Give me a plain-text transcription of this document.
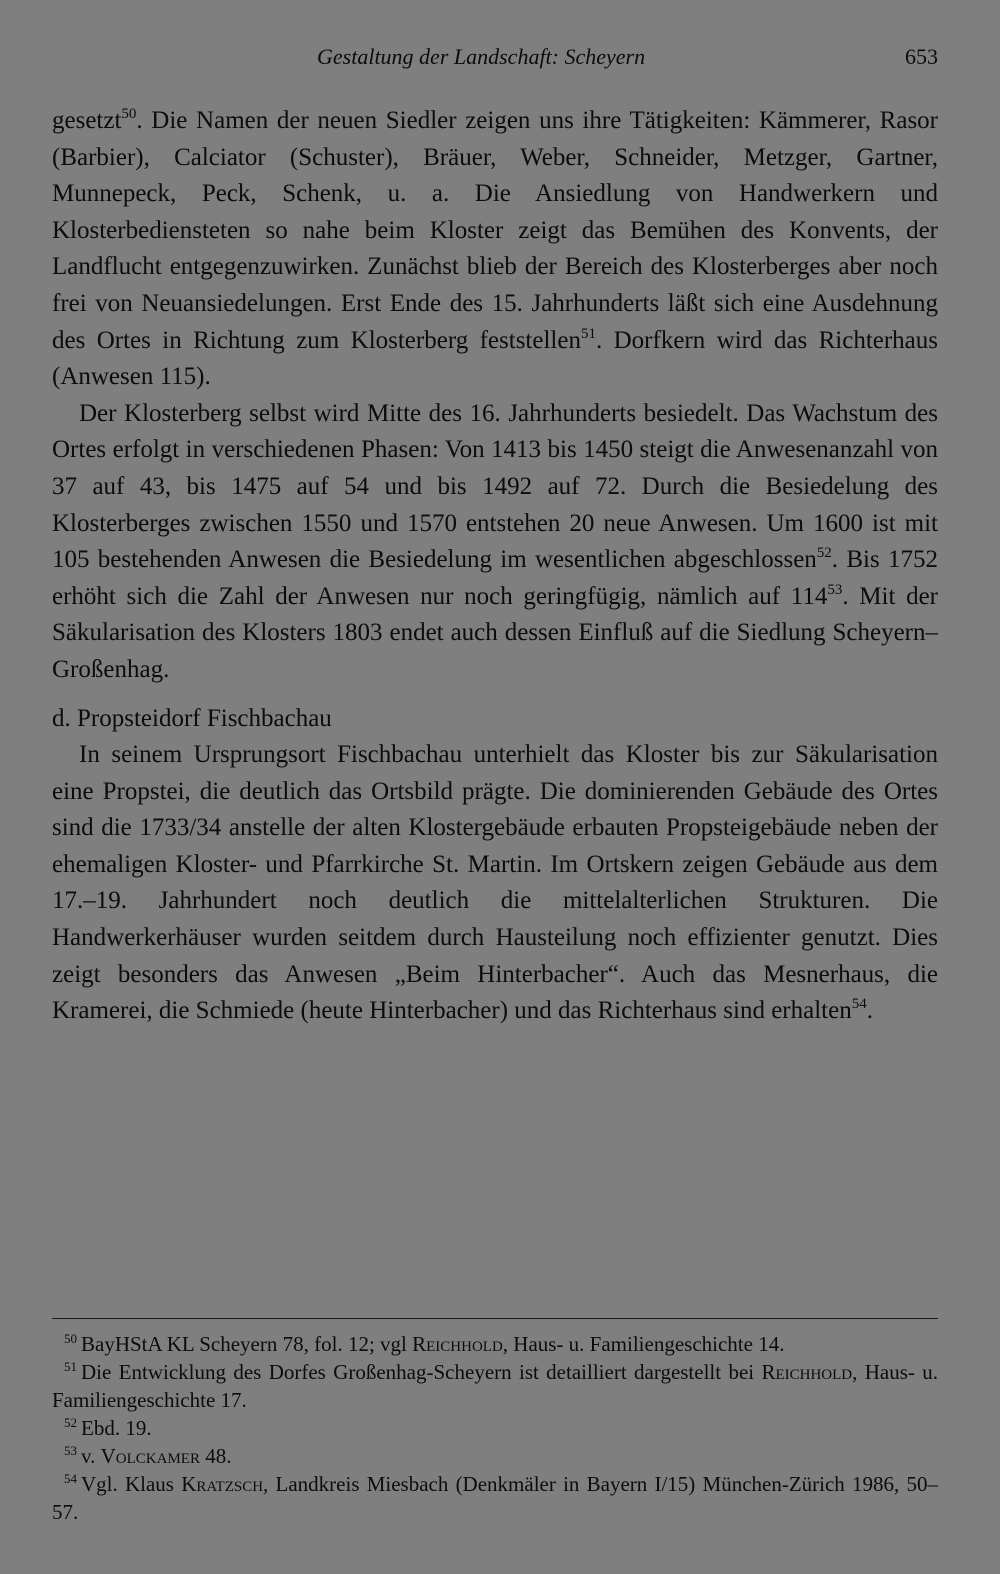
Gestaltung der Landschaft: Scheyern	653

gesetzt$^{50}$. Die Namen der neuen Siedler zeigen uns ihre Tätigkeiten: Kämmerer, Rasor (Barbier), Calciator (Schuster), Bräuer, Weber, Schneider, Metzger, Gartner, Munnepeck, Peck, Schenk, u. a. Die Ansiedlung von Handwerkern und Klosterbediensteten so nahe beim Kloster zeigt das Bemühen des Konvents, der Landflucht entgegenzuwirken. Zunächst blieb der Bereich des Klosterberges aber noch frei von Neuansiedelungen. Erst Ende des 15. Jahrhunderts läßt sich eine Ausdehnung des Ortes in Richtung zum Klosterberg feststellen$^{51}$. Dorfkern wird das Richterhaus (Anwesen 115).

Der Klosterberg selbst wird Mitte des 16. Jahrhunderts besiedelt. Das Wachstum des Ortes erfolgt in verschiedenen Phasen: Von 1413 bis 1450 steigt die Anwesenanzahl von 37 auf 43, bis 1475 auf 54 und bis 1492 auf 72. Durch die Besiedelung des Klosterberges zwischen 1550 und 1570 entstehen 20 neue Anwesen. Um 1600 ist mit 105 bestehenden Anwesen die Besiedelung im wesentlichen abgeschlossen$^{52}$. Bis 1752 erhöht sich die Zahl der Anwesen nur noch geringfügig, nämlich auf $114^{53}$. Mit der Säkularisation des Klosters 1803 endet auch dessen Einfluß auf die Siedlung Scheyern–Großenhag.

d. Propsteidorf Fischbachau

In seinem Ursprungsort Fischbachau unterhielt das Kloster bis zur Säkularisation eine Propstei, die deutlich das Ortsbild prägte. Die dominierenden Gebäude des Ortes sind die 1733/34 anstelle der alten Klostergebäude erbauten Propsteigebäude neben der ehemaligen Kloster- und Pfarrkirche St. Martin. Im Ortskern zeigen Gebäude aus dem 17.–19. Jahrhundert noch deutlich die mittelalterlichen Strukturen. Die Handwerkerhäuser wurden seitdem durch Hausteilung noch effizienter genutzt. Dies zeigt besonders das Anwesen „Beim Hinterbacher“. Auch das Mesnerhaus, die Kramerei, die Schmiede (heute Hinterbacher) und das Richterhaus sind erhalten$^{54}$.

$^{50}$ BayHStA KL Scheyern 78, fol. 12; vgl Reichhold, Haus- u. Familiengeschichte 14.

$^{51}$ Die Entwicklung des Dorfes Großenhag-Scheyern ist detailliert dargestellt bei Reichhold, Haus- u. Familiengeschichte 17.

$^{52}$ Ebd. 19.

$^{53}$ v. Volckamer 48.

$^{54}$ Vgl. Klaus Kratzsch, Landkreis Miesbach (Denkmäler in Bayern I/15) München-Zürich 1986, 50–57.
